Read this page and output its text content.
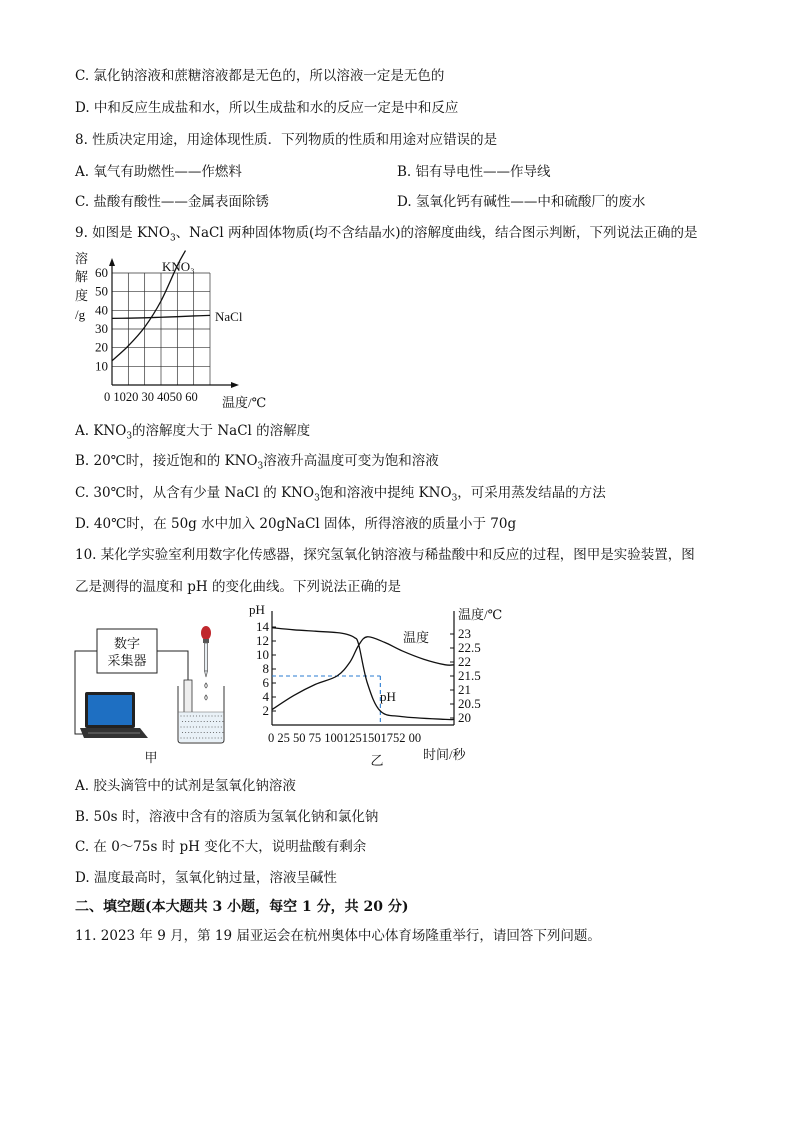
C. 氯化钠溶液和蔗糖溶液都是无色的，所以溶液一定是无色的
D. 中和反应生成盐和水，所以生成盐和水的反应一定是中和反应
8. 性质决定用途，用途体现性质．下列物质的性质和用途对应错误的是
A. 氧气有助燃性——作燃料	B. 铝有导电性——作导线
C. 盐酸有酸性——金属表面除锈	D. 氢氧化钙有碱性——中和硫酸厂的废水
9. 如图是 $KNO_3$、NaCl 两种固体物质(均不含结晶水)的溶解度曲线，结合图示判断，下列说法正确的是
10
20
30
40
50
60
0 1020 30 4050 60
溶
解
度
/g
温度/℃
KNO₃
NaCl
A. $KNO_3$的溶解度大于 NaCl 的溶解度
B. 20℃时，接近饱和的 $KNO_3$溶液升高温度可变为饱和溶液
C. 30℃时，从含有少量 NaCl 的 $KNO_3$饱和溶液中提纯 $KNO_3$，可采用蒸发结晶的方法
D. 40℃时，在 50g 水中加入 20gNaCl 固体，所得溶液的质量小于 70g
10. 某化学实验室利用数字化传感器，探究氢氧化钠溶液与稀盐酸中和反应的过程，图甲是实验装置，图
乙是测得的温度和 pH 的变化曲线。下列说法正确的是
数字
采集器
甲
2
4
6
8
10
12
14
20
20.5
21
21.5
22
22.5
23
0 25 50 75 1001251501752 00
pH	温度/℃
时间/秒
温度
pH
乙
A. 胶头滴管中的试剂是氢氧化钠溶液
B. 50s 时，溶液中含有的溶质为氢氧化钠和氯化钠
C. 在 0～75s 时 pH 变化不大，说明盐酸有剩余
D. 温度最高时，氢氧化钠过量，溶液呈碱性
二、填空题(本大题共 3 小题，每空 1 分，共 20 分)
11. 2023 年 9 月，第 19 届亚运会在杭州奥体中心体育场隆重举行，请回答下列问题。
